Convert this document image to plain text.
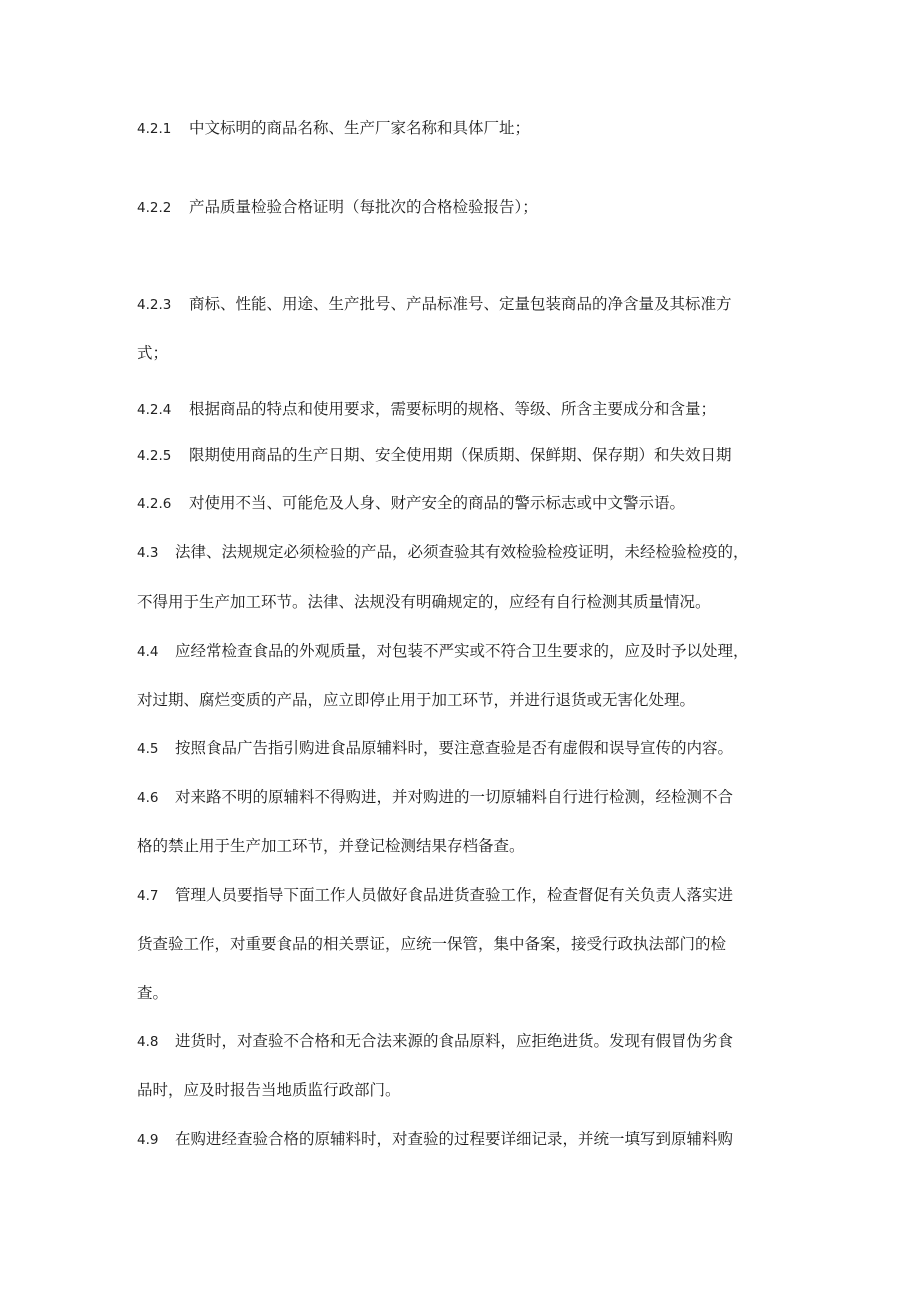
4.2.1 中文标明的商品名称、生产厂家名称和具体厂址；
4.2.2 产品质量检验合格证明（每批次的合格检验报告）；
4.2.3 商标、性能、用途、生产批号、产品标准号、定量包装商品的净含量及其标准方
式；
4.2.4 根据商品的特点和使用要求，需要标明的规格、等级、所含主要成分和含量；
4.2.5 限期使用商品的生产日期、安全使用期（保质期、保鲜期、保存期）和失效日期
4.2.6 对使用不当、可能危及人身、财产安全的商品的警示标志或中文警示语。
4.3 法律、法规规定必须检验的产品，必须查验其有效检验检疫证明，未经检验检疫的，
不得用于生产加工环节。法律、法规没有明确规定的，应经有自行检测其质量情况。
4.4 应经常检查食品的外观质量，对包装不严实或不符合卫生要求的，应及时予以处理，
对过期、腐烂变质的产品，应立即停止用于加工环节，并进行退货或无害化处理。
4.5 按照食品广告指引购进食品原辅料时，要注意查验是否有虚假和误导宣传的内容。
4.6 对来路不明的原辅料不得购进，并对购进的一切原辅料自行进行检测，经检测不合
格的禁止用于生产加工环节，并登记检测结果存档备查。
4.7 管理人员要指导下面工作人员做好食品进货查验工作，检查督促有关负责人落实进
货查验工作，对重要食品的相关票证，应统一保管，集中备案，接受行政执法部门的检
查。
4.8 进货时，对查验不合格和无合法来源的食品原料，应拒绝进货。发现有假冒伪劣食
品时，应及时报告当地质监行政部门。
4.9 在购进经查验合格的原辅料时，对查验的过程要详细记录，并统一填写到原辅料购
